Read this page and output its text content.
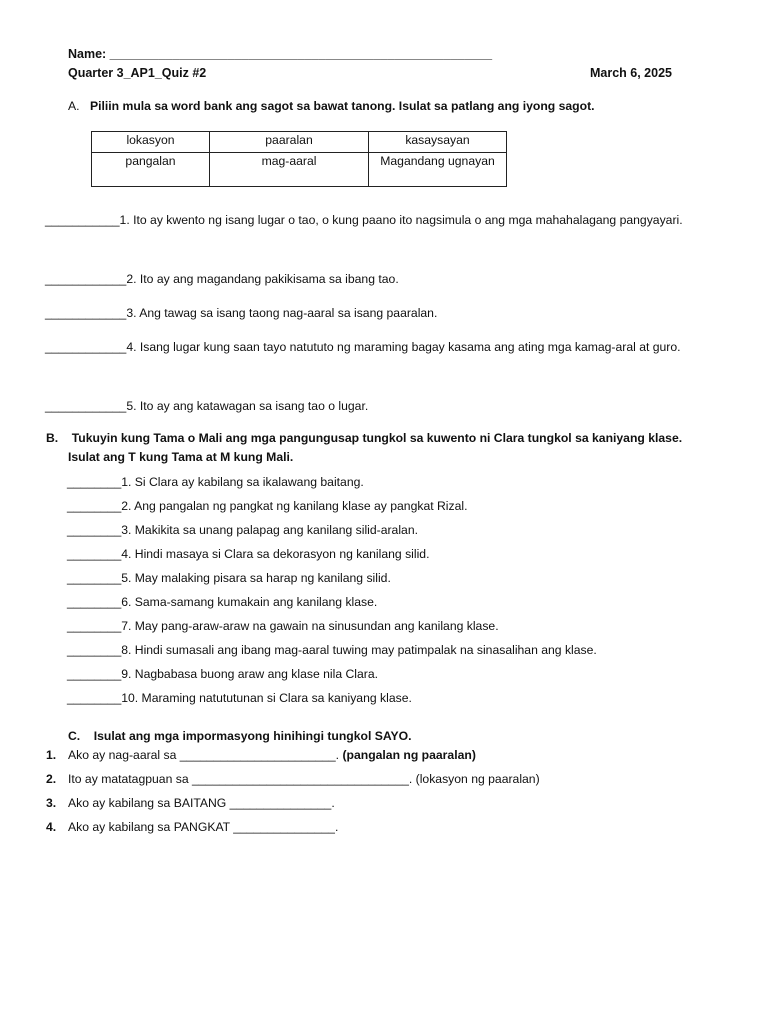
Name: _______________________________________________________
Quarter 3_AP1_Quiz #2	March 6, 2025
A. Piliin mula sa word bank ang sagot sa bawat tanong. Isulat sa patlang ang iyong sagot.
lokasyon	paaralan	kasaysayan
pangalan	mag-aaral	Magandang ugnayan
___________1. Ito ay kwento ng isang lugar o tao, o kung paano ito nagsimula o ang mga mahahalagang pangyayari.
____________2. Ito ay ang magandang pakikisama sa ibang tao.
____________3. Ang tawag sa isang taong nag-aaral sa isang paaralan.
____________4. Isang lugar kung saan tayo natututo ng maraming bagay kasama ang ating mga kamag-aral at guro.
____________5. Ito ay ang katawagan sa isang tao o lugar.
B.    Tukuyin kung Tama o Mali ang mga pangungusap tungkol sa kuwento ni Clara tungkol sa kaniyang klase.
Isulat ang T kung Tama at M kung Mali.
________1. Si Clara ay kabilang sa ikalawang baitang.
________2. Ang pangalan ng pangkat ng kanilang klase ay pangkat Rizal.
________3. Makikita sa unang palapag ang kanilang silid-aralan.
________4. Hindi masaya si Clara sa dekorasyon ng kanilang silid.
________5. May malaking pisara sa harap ng kanilang silid.
________6. Sama-samang kumakain ang kanilang klase.
________7. May pang-araw-araw na gawain na sinusundan ang kanilang klase.
________8. Hindi sumasali ang ibang mag-aaral tuwing may patimpalak na sinasalihan ang klase.
________9. Nagbabasa buong araw ang klase nila Clara.
________10. Maraming natututunan si Clara sa kaniyang klase.
C.    Isulat ang mga impormasyong hinihingi tungkol SAYO.
1. Ako ay nag-aaral sa _______________________. (pangalan ng paaralan)
2. Ito ay matatagpuan sa ________________________________. (lokasyon ng paaralan)
3. Ako ay kabilang sa BAITANG _______________.
4. Ako ay kabilang sa PANGKAT _______________.
